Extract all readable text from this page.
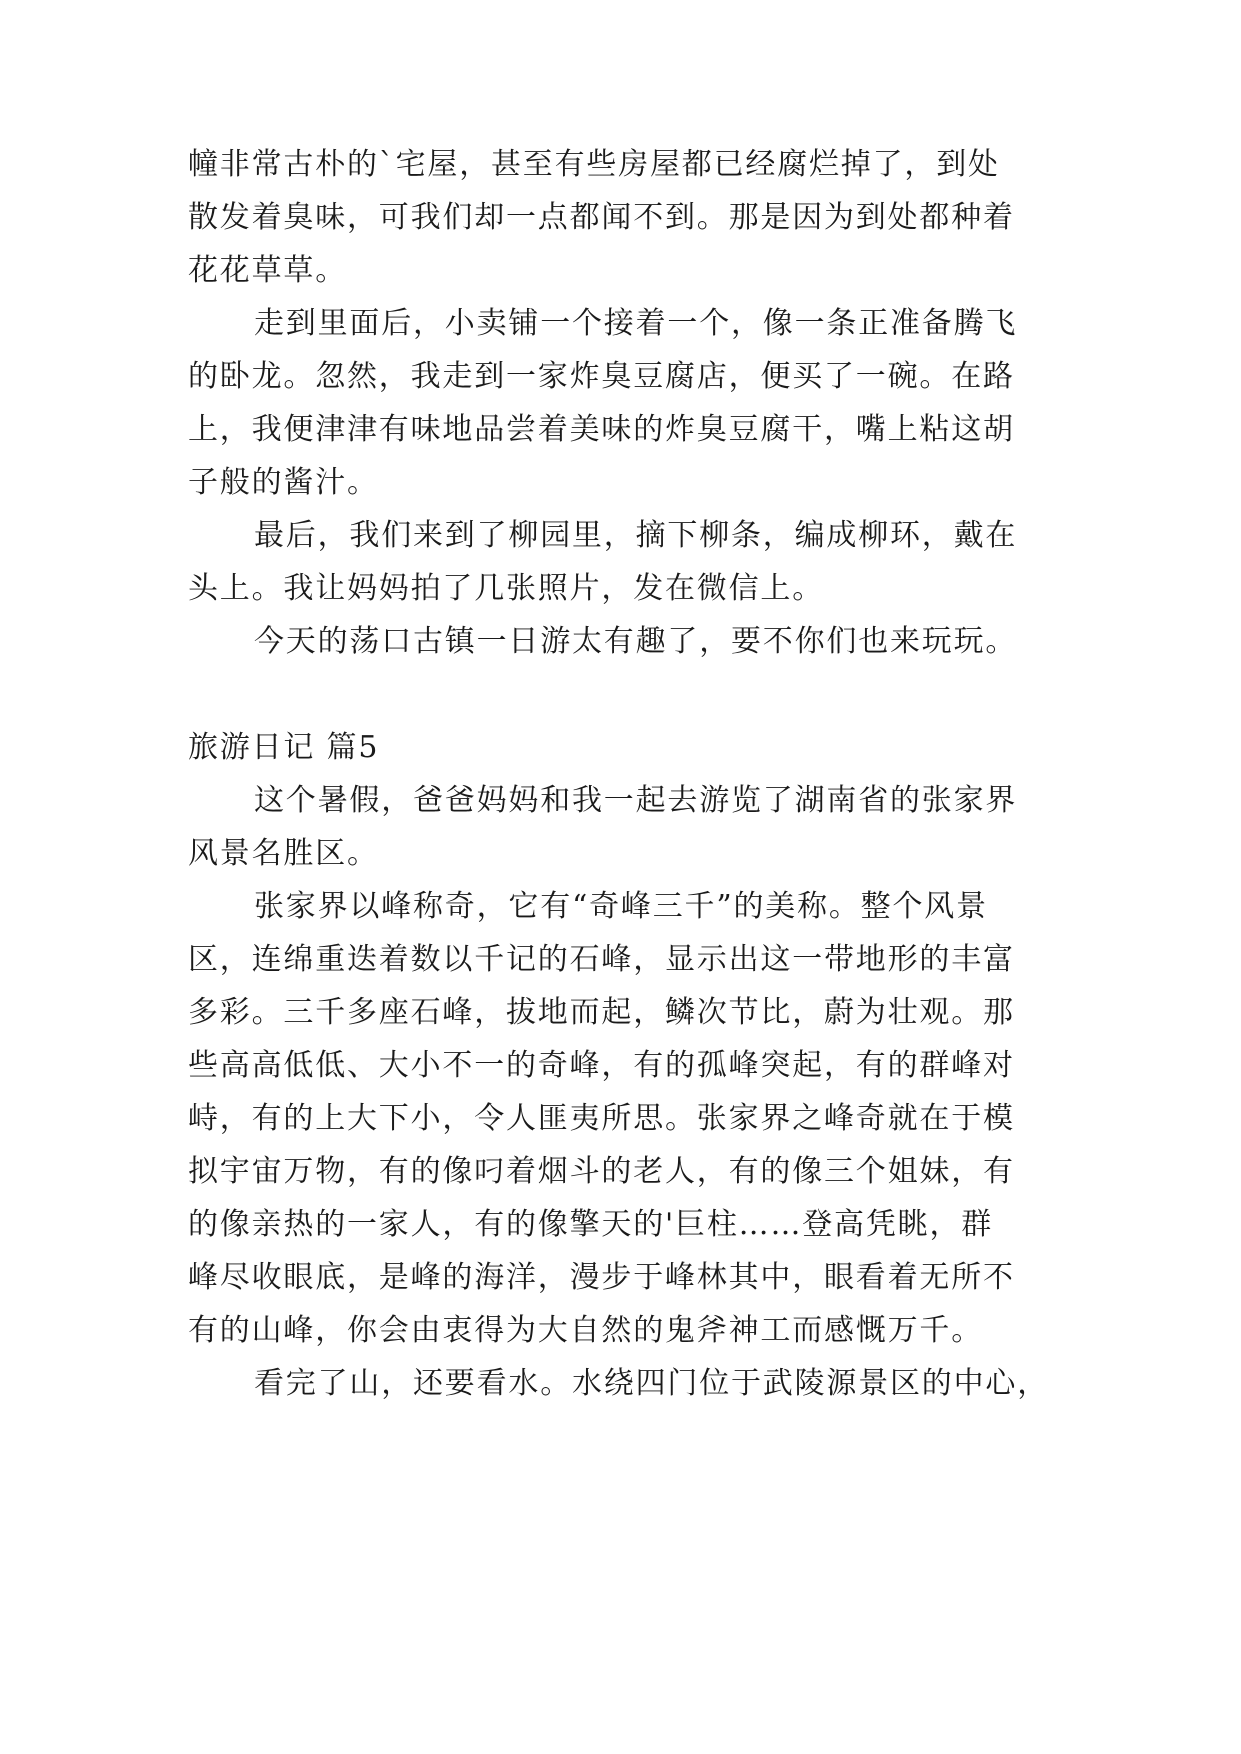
幢非常古朴的`宅屋，甚至有些房屋都已经腐烂掉了，到处
散发着臭味，可我们却一点都闻不到。那是因为到处都种着
花花草草。
走到里面后，小卖铺一个接着一个，像一条正准备腾飞
的卧龙。忽然，我走到一家炸臭豆腐店，便买了一碗。在路
上，我便津津有味地品尝着美味的炸臭豆腐干，嘴上粘这胡
子般的酱汁。
最后，我们来到了柳园里，摘下柳条，编成柳环，戴在
头上。我让妈妈拍了几张照片，发在微信上。
今天的荡口古镇一日游太有趣了，要不你们也来玩玩。
旅游日记 篇5
这个暑假，爸爸妈妈和我一起去游览了湖南省的张家界
风景名胜区。
张家界以峰称奇，它有“奇峰三千”的美称。整个风景
区，连绵重迭着数以千记的石峰，显示出这一带地形的丰富
多彩。三千多座石峰，拔地而起，鳞次节比，蔚为壮观。那
些高高低低、大小不一的奇峰，有的孤峰突起，有的群峰对
峙，有的上大下小，令人匪夷所思。张家界之峰奇就在于模
拟宇宙万物，有的像叼着烟斗的老人，有的像三个姐妹，有
的像亲热的一家人，有的像擎天的'巨柱……登高凭眺，群
峰尽收眼底，是峰的海洋，漫步于峰林其中，眼看着无所不
有的山峰，你会由衷得为大自然的鬼斧神工而感慨万千。
看完了山，还要看水。水绕四门位于武陵源景区的中心，
